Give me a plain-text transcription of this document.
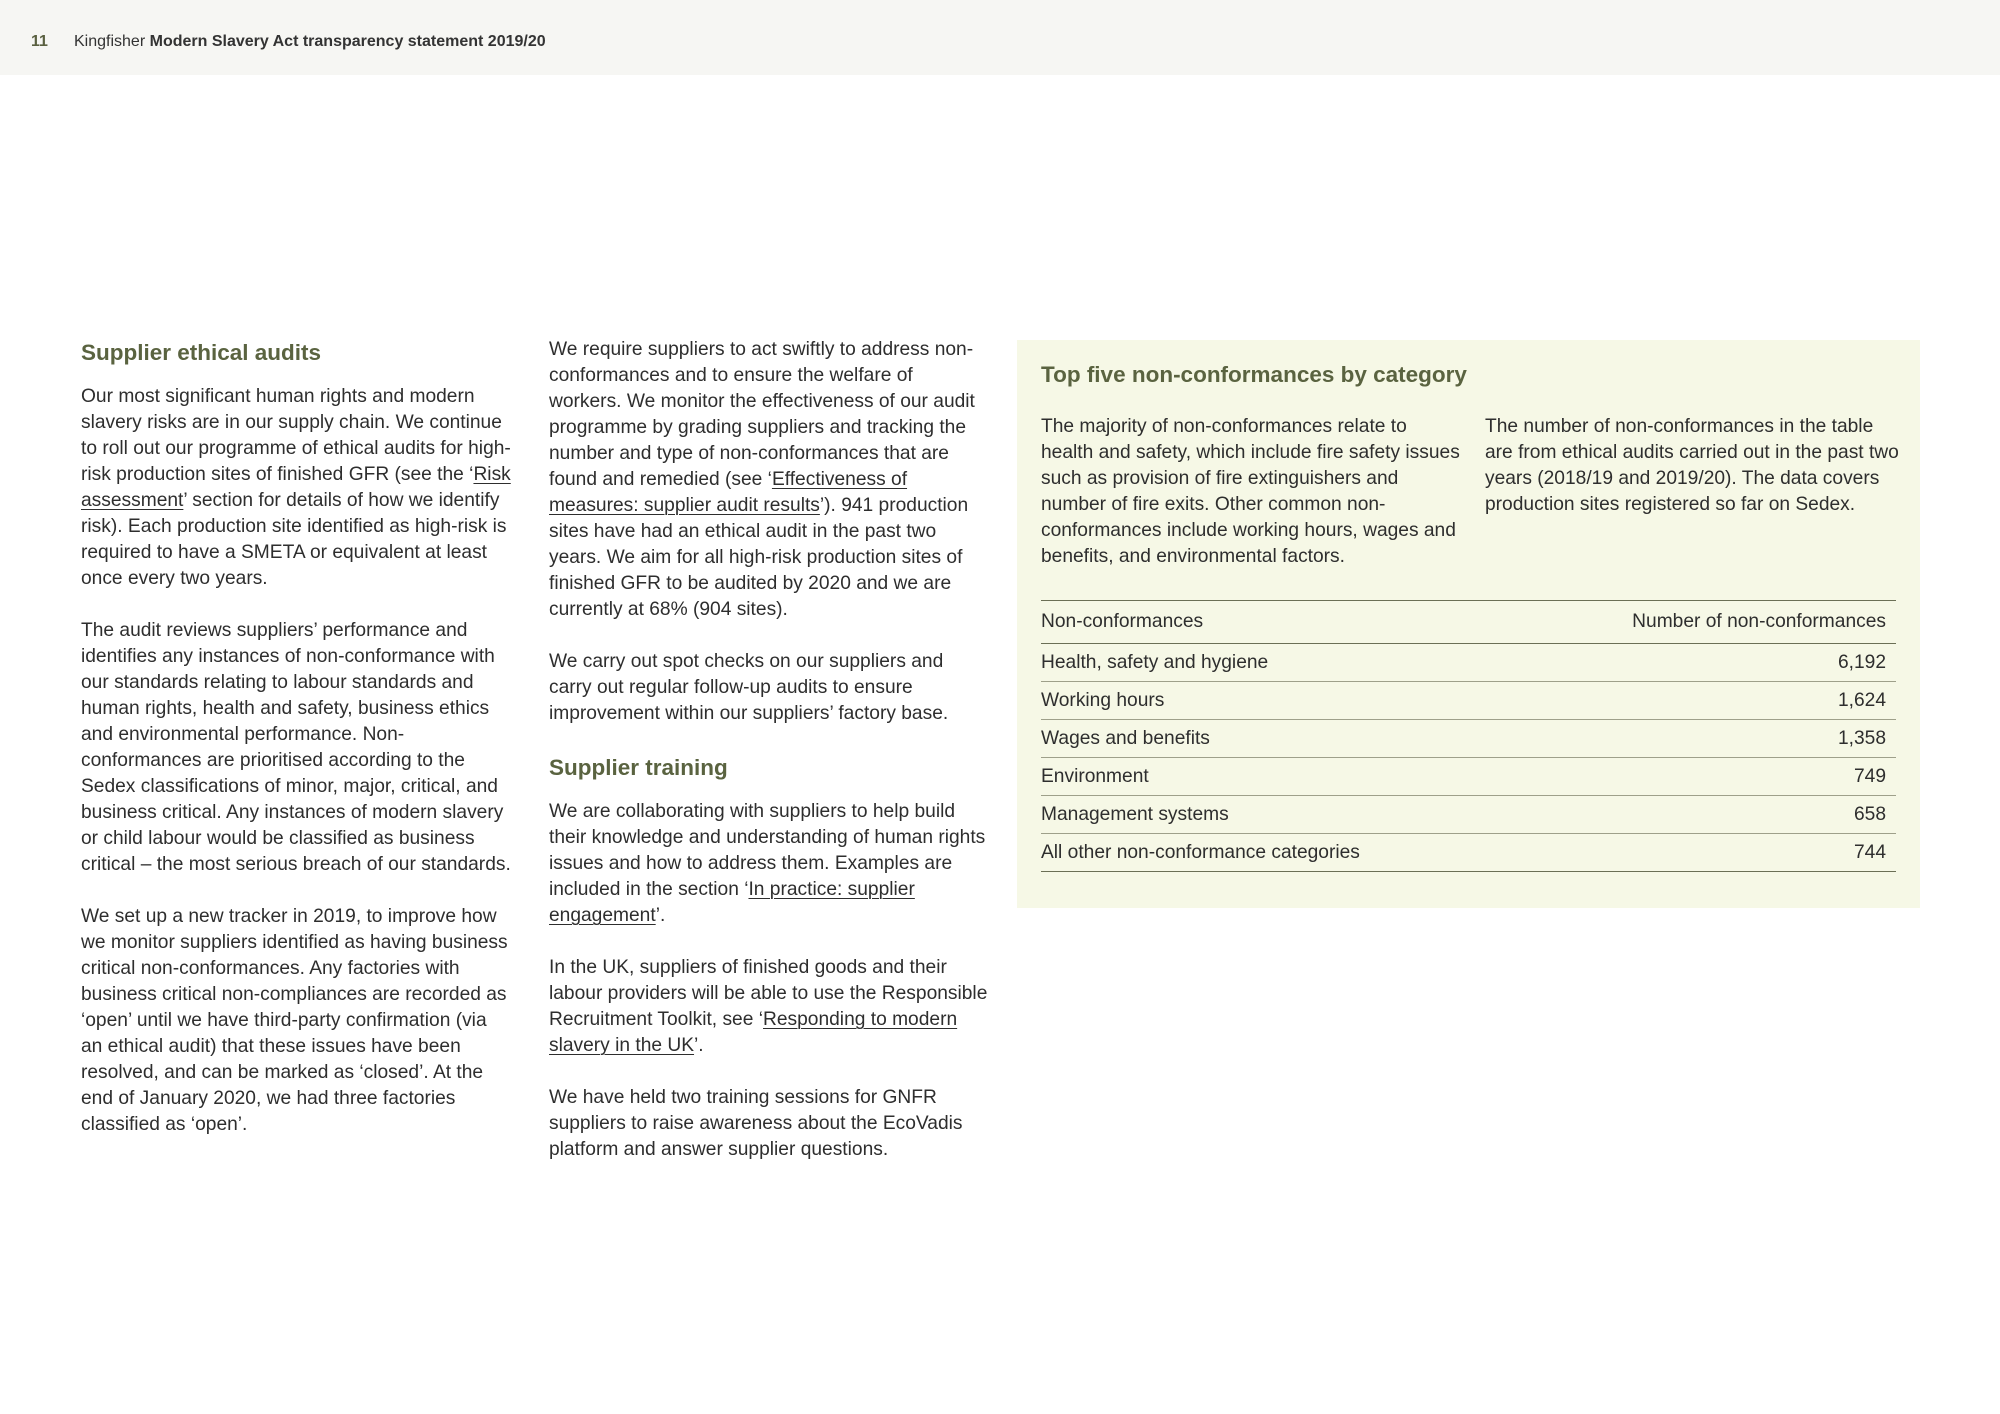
11 Kingfisher Modern Slavery Act transparency statement 2019/20
Supplier ethical audits

Our most significant human rights and modern slavery risks are in our supply chain. We continue to roll out our programme of ethical audits for high-risk production sites of finished GFR (see the ‘Risk assessment’ section for details of how we identify risk). Each production site identified as high-risk is required to have a SMETA or equivalent at least once every two years.

The audit reviews suppliers’ performance and identifies any instances of non-conformance with our standards relating to labour standards and human rights, health and safety, business ethics and environmental performance. Non-conformances are prioritised according to the Sedex classifications of minor, major, critical, and business critical. Any instances of modern slavery or child labour would be classified as business critical – the most serious breach of our standards.

We set up a new tracker in 2019, to improve how we monitor suppliers identified as having business critical non-conformances. Any factories with business critical non-compliances are recorded as ‘open’ until we have third-party confirmation (via an ethical audit) that these issues have been resolved, and can be marked as ‘closed’. At the end of January 2020, we had three factories classified as ‘open’.

We require suppliers to act swiftly to address non-conformances and to ensure the welfare of workers. We monitor the effectiveness of our audit programme by grading suppliers and tracking the number and type of non-conformances that are found and remedied (see ‘Effectiveness of measures: supplier audit results’). 941 production sites have had an ethical audit in the past two years. We aim for all high-risk production sites of finished GFR to be audited by 2020 and we are currently at 68% (904 sites).

We carry out spot checks on our suppliers and carry out regular follow-up audits to ensure improvement within our suppliers’ factory base.

Supplier training

We are collaborating with suppliers to help build their knowledge and understanding of human rights issues and how to address them. Examples are included in the section ‘In practice: supplier engagement’.

In the UK, suppliers of finished goods and their labour providers will be able to use the Responsible Recruitment Toolkit, see ‘Responding to modern slavery in the UK’.

We have held two training sessions for GNFR suppliers to raise awareness about the EcoVadis platform and answer supplier questions.

Top five non-conformances by category

The majority of non-conformances relate to health and safety, which include fire safety issues such as provision of fire extinguishers and number of fire exits. Other common non-conformances include working hours, wages and benefits, and environmental factors.

The number of non-conformances in the table are from ethical audits carried out in the past two years (2018/19 and 2019/20). The data covers production sites registered so far on Sedex.

Non-conformances	Number of non-conformances
Health, safety and hygiene	6,192
Working hours	1,624
Wages and benefits	1,358
Environment	749
Management systems	658
All other non-conformance categories	744
